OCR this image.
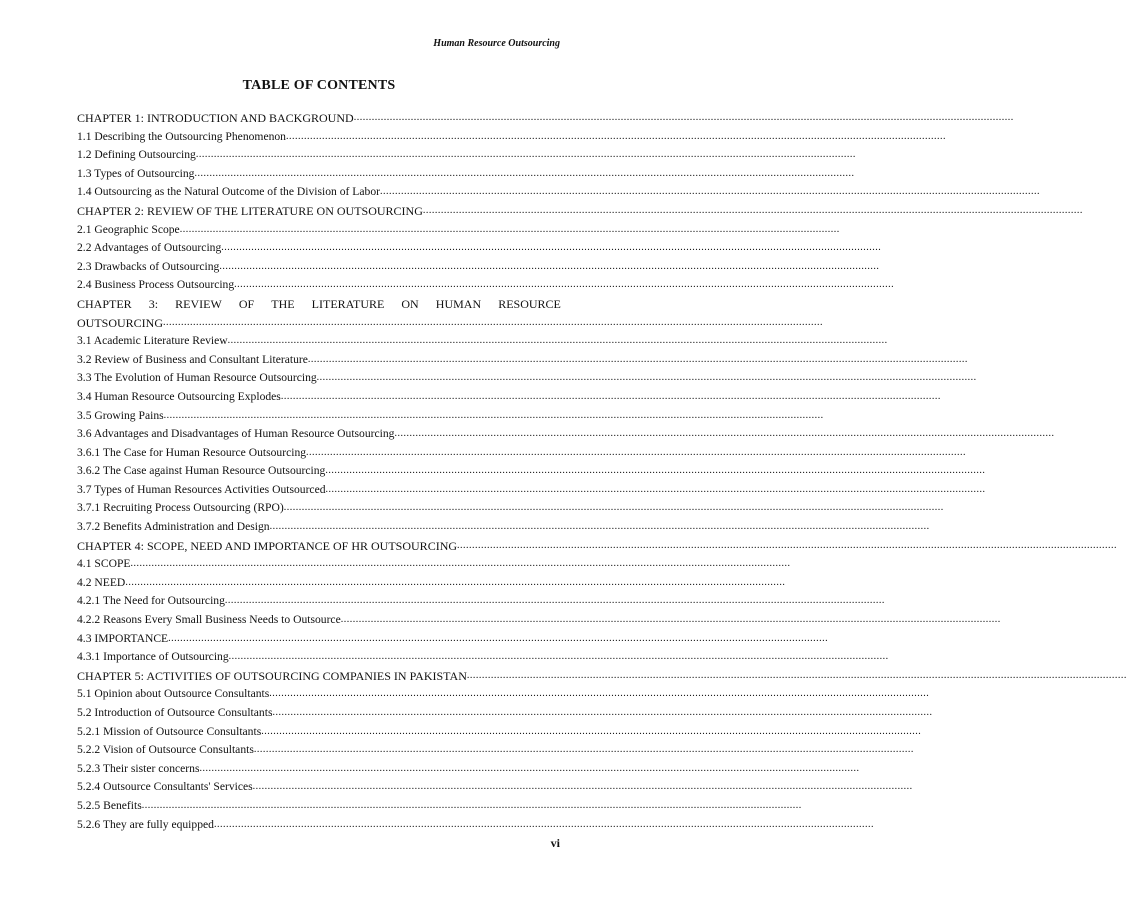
Human Resource Outsourcing
TABLE OF CONTENTS
CHAPTER 1: INTRODUCTION AND BACKGROUND ............................................................................................................................................................................................................................
1.1 Describing the Outsourcing Phenomenon ............................................................................................................................................................................................................................
1.2 Defining Outsourcing ............................................................................................................................................................................................................................
1.3 Types of Outsourcing ............................................................................................................................................................................................................................
1.4 Outsourcing as the Natural Outcome of the Division of Labor ............................................................................................................................................................................................................................
CHAPTER 2: REVIEW OF THE LITERATURE ON OUTSOURCING ............................................................................................................................................................................................................................
2.1 Geographic Scope ............................................................................................................................................................................................................................
2.2 Advantages of Outsourcing ............................................................................................................................................................................................................................
2.3 Drawbacks of Outsourcing ............................................................................................................................................................................................................................
2.4 Business Process Outsourcing ............................................................................................................................................................................................................................
CHAPTER 3: REVIEW OF THE LITERATURE ON HUMAN RESOURCE
OUTSOURCING ............................................................................................................................................................................................................................
3.1 Academic Literature Review ............................................................................................................................................................................................................................
3.2 Review of Business and Consultant Literature ............................................................................................................................................................................................................................
3.3 The Evolution of Human Resource Outsourcing ............................................................................................................................................................................................................................
3.4 Human Resource Outsourcing Explodes ............................................................................................................................................................................................................................
3.5 Growing Pains ............................................................................................................................................................................................................................
3.6 Advantages and Disadvantages of Human Resource Outsourcing ............................................................................................................................................................................................................................
3.6.1 The Case for Human Resource Outsourcing ............................................................................................................................................................................................................................
3.6.2 The Case against Human Resource Outsourcing ............................................................................................................................................................................................................................
3.7 Types of Human Resources Activities Outsourced ............................................................................................................................................................................................................................
3.7.1 Recruiting Process Outsourcing (RPO) ............................................................................................................................................................................................................................
3.7.2 Benefits Administration and Design ............................................................................................................................................................................................................................
CHAPTER 4: SCOPE, NEED AND IMPORTANCE OF HR OUTSOURCING ............................................................................................................................................................................................................................
4.1 SCOPE ............................................................................................................................................................................................................................
4.2 NEED ............................................................................................................................................................................................................................
4.2.1 The Need for Outsourcing ............................................................................................................................................................................................................................
4.2.2 Reasons Every Small Business Needs to Outsource ............................................................................................................................................................................................................................
4.3 IMPORTANCE ............................................................................................................................................................................................................................
4.3.1 Importance of Outsourcing ............................................................................................................................................................................................................................
CHAPTER 5: ACTIVITIES OF OUTSOURCING COMPANIES IN PAKISTAN ............................................................................................................................................................................................................................
5.1 Opinion about Outsource Consultants ............................................................................................................................................................................................................................
5.2 Introduction of Outsource Consultants ............................................................................................................................................................................................................................
5.2.1 Mission of Outsource Consultants ............................................................................................................................................................................................................................
5.2.2 Vision of Outsource Consultants ............................................................................................................................................................................................................................
5.2.3 Their sister concerns ............................................................................................................................................................................................................................
5.2.4 Outsource Consultants' Services ............................................................................................................................................................................................................................
5.2.5 Benefits ............................................................................................................................................................................................................................
5.2.6 They are fully equipped ............................................................................................................................................................................................................................
vi
